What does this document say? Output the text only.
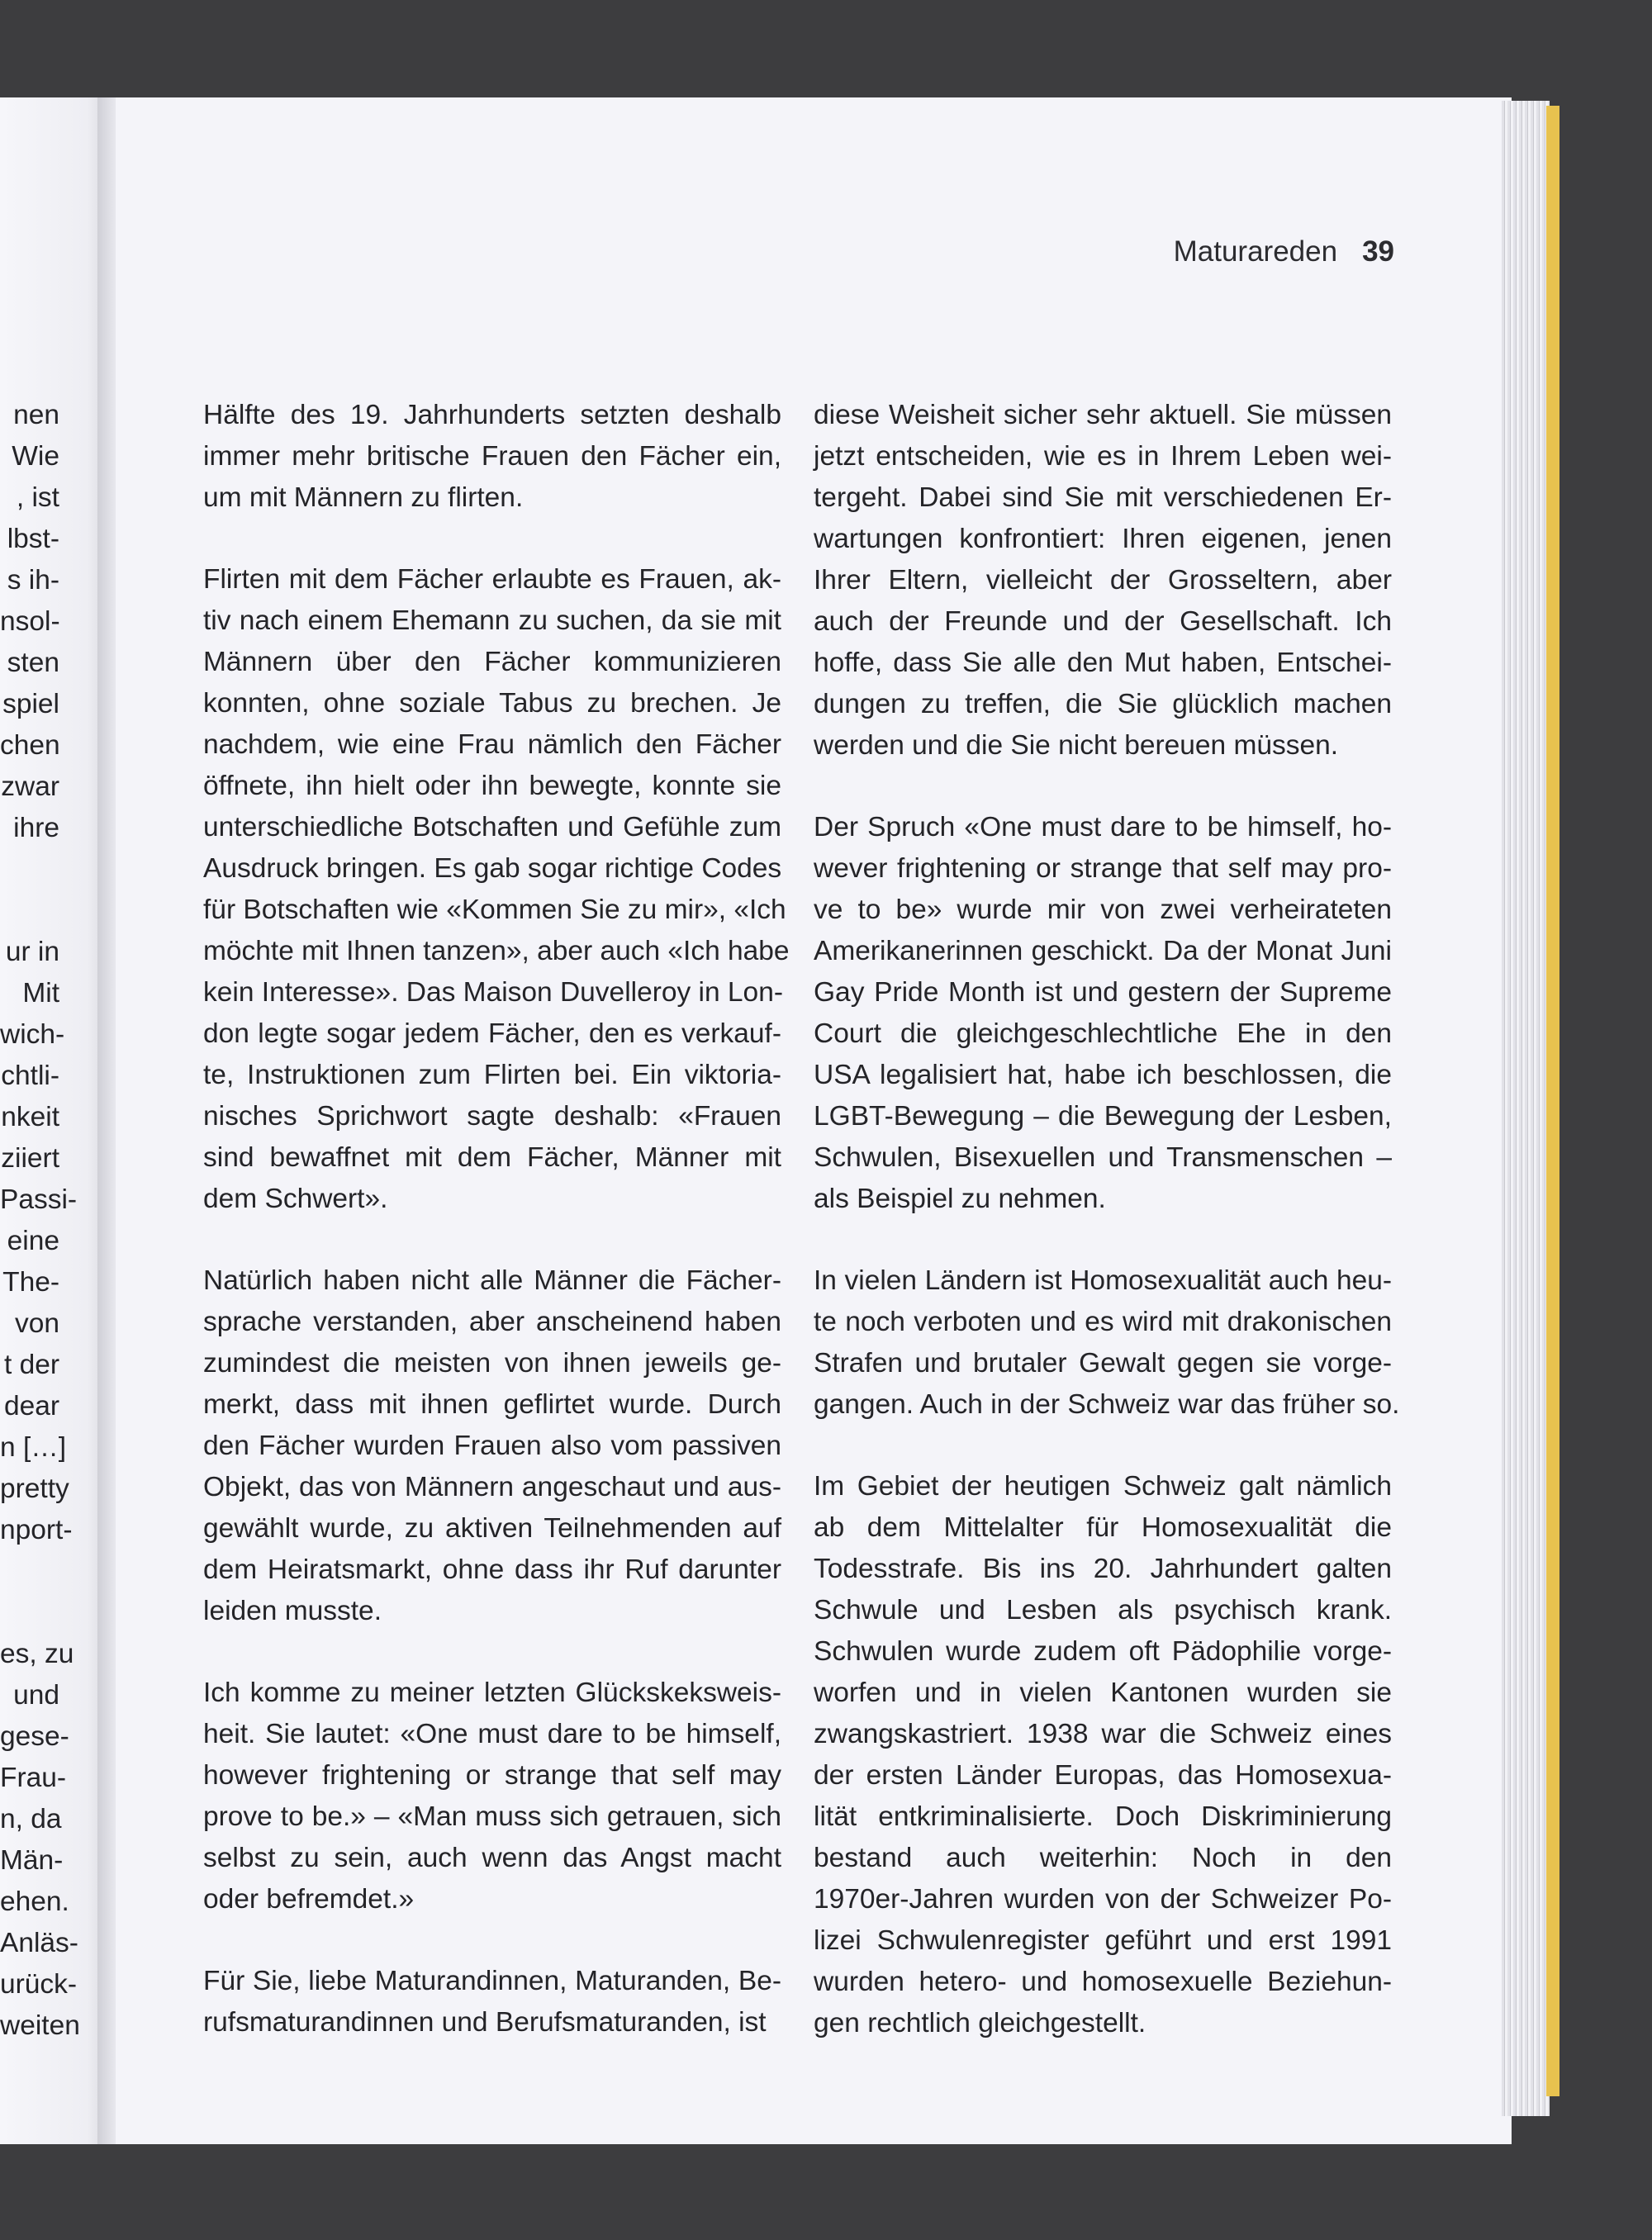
nen
Wie
, ist
lbst-
s ih-
nsol-
sten
spiel
chen
zwar
ihre

ur in
Mit
wich-
chtli-
nkeit
ziiert
Passi-
eine
The-
von
t der
dear
n […]
pretty
nport-

es, zu
und
gese-
Frau-
n, da
Män-
ehen.
Anläs-
urück-
weiten
Maturareden 39

Hälfte des 19. Jahrhunderts setzten deshalb
immer mehr britische Frauen den Fächer ein,
um mit Männern zu flirten.

Flirten mit dem Fächer erlaubte es Frauen, ak-
tiv nach einem Ehemann zu suchen, da sie mit
Männern über den Fächer kommunizieren
konnten, ohne soziale Tabus zu brechen. Je
nachdem, wie eine Frau nämlich den Fächer
öffnete, ihn hielt oder ihn bewegte, konnte sie
unterschiedliche Botschaften und Gefühle zum
Ausdruck bringen. Es gab sogar richtige Codes
für Botschaften wie «Kommen Sie zu mir», «Ich
möchte mit Ihnen tanzen», aber auch «Ich habe
kein Interesse». Das Maison Duvelleroy in Lon-
don legte sogar jedem Fächer, den es verkauf-
te, Instruktionen zum Flirten bei. Ein viktoria-
nisches Sprichwort sagte deshalb: «Frauen
sind bewaffnet mit dem Fächer, Männer mit
dem Schwert».

Natürlich haben nicht alle Männer die Fächer-
sprache verstanden, aber anscheinend haben
zumindest die meisten von ihnen jeweils ge-
merkt, dass mit ihnen geflirtet wurde. Durch
den Fächer wurden Frauen also vom passiven
Objekt, das von Männern angeschaut und aus-
gewählt wurde, zu aktiven Teilnehmenden auf
dem Heiratsmarkt, ohne dass ihr Ruf darunter
leiden musste.

Ich komme zu meiner letzten Glückskeksweis-
heit. Sie lautet: «One must dare to be himself,
however frightening or strange that self may
prove to be.» – «Man muss sich getrauen, sich
selbst zu sein, auch wenn das Angst macht
oder befremdet.»

Für Sie, liebe Maturandinnen, Maturanden, Be-
rufsmaturandinnen und Berufsmaturanden, ist

diese Weisheit sicher sehr aktuell. Sie müssen
jetzt entscheiden, wie es in Ihrem Leben wei-
tergeht. Dabei sind Sie mit verschiedenen Er-
wartungen konfrontiert: Ihren eigenen, jenen
Ihrer Eltern, vielleicht der Grosseltern, aber
auch der Freunde und der Gesellschaft. Ich
hoffe, dass Sie alle den Mut haben, Entschei-
dungen zu treffen, die Sie glücklich machen
werden und die Sie nicht bereuen müssen.

Der Spruch «One must dare to be himself, ho-
wever frightening or strange that self may pro-
ve to be» wurde mir von zwei verheirateten
Amerikanerinnen geschickt. Da der Monat Juni
Gay Pride Month ist und gestern der Supreme
Court die gleichgeschlechtliche Ehe in den
USA legalisiert hat, habe ich beschlossen, die
LGBT-Bewegung – die Bewegung der Lesben,
Schwulen, Bisexuellen und Transmenschen –
als Beispiel zu nehmen.

In vielen Ländern ist Homosexualität auch heu-
te noch verboten und es wird mit drakonischen
Strafen und brutaler Gewalt gegen sie vorge-
gangen. Auch in der Schweiz war das früher so.

Im Gebiet der heutigen Schweiz galt nämlich
ab dem Mittelalter für Homosexualität die
Todesstrafe. Bis ins 20. Jahrhundert galten
Schwule und Lesben als psychisch krank.
Schwulen wurde zudem oft Pädophilie vorge-
worfen und in vielen Kantonen wurden sie
zwangskastriert. 1938 war die Schweiz eines
der ersten Länder Europas, das Homosexua-
lität entkriminalisierte. Doch Diskriminierung
bestand auch weiterhin: Noch in den
1970er-Jahren wurden von der Schweizer Po-
lizei Schwulenregister geführt und erst 1991
wurden hetero- und homosexuelle Beziehun-
gen rechtlich gleichgestellt.
